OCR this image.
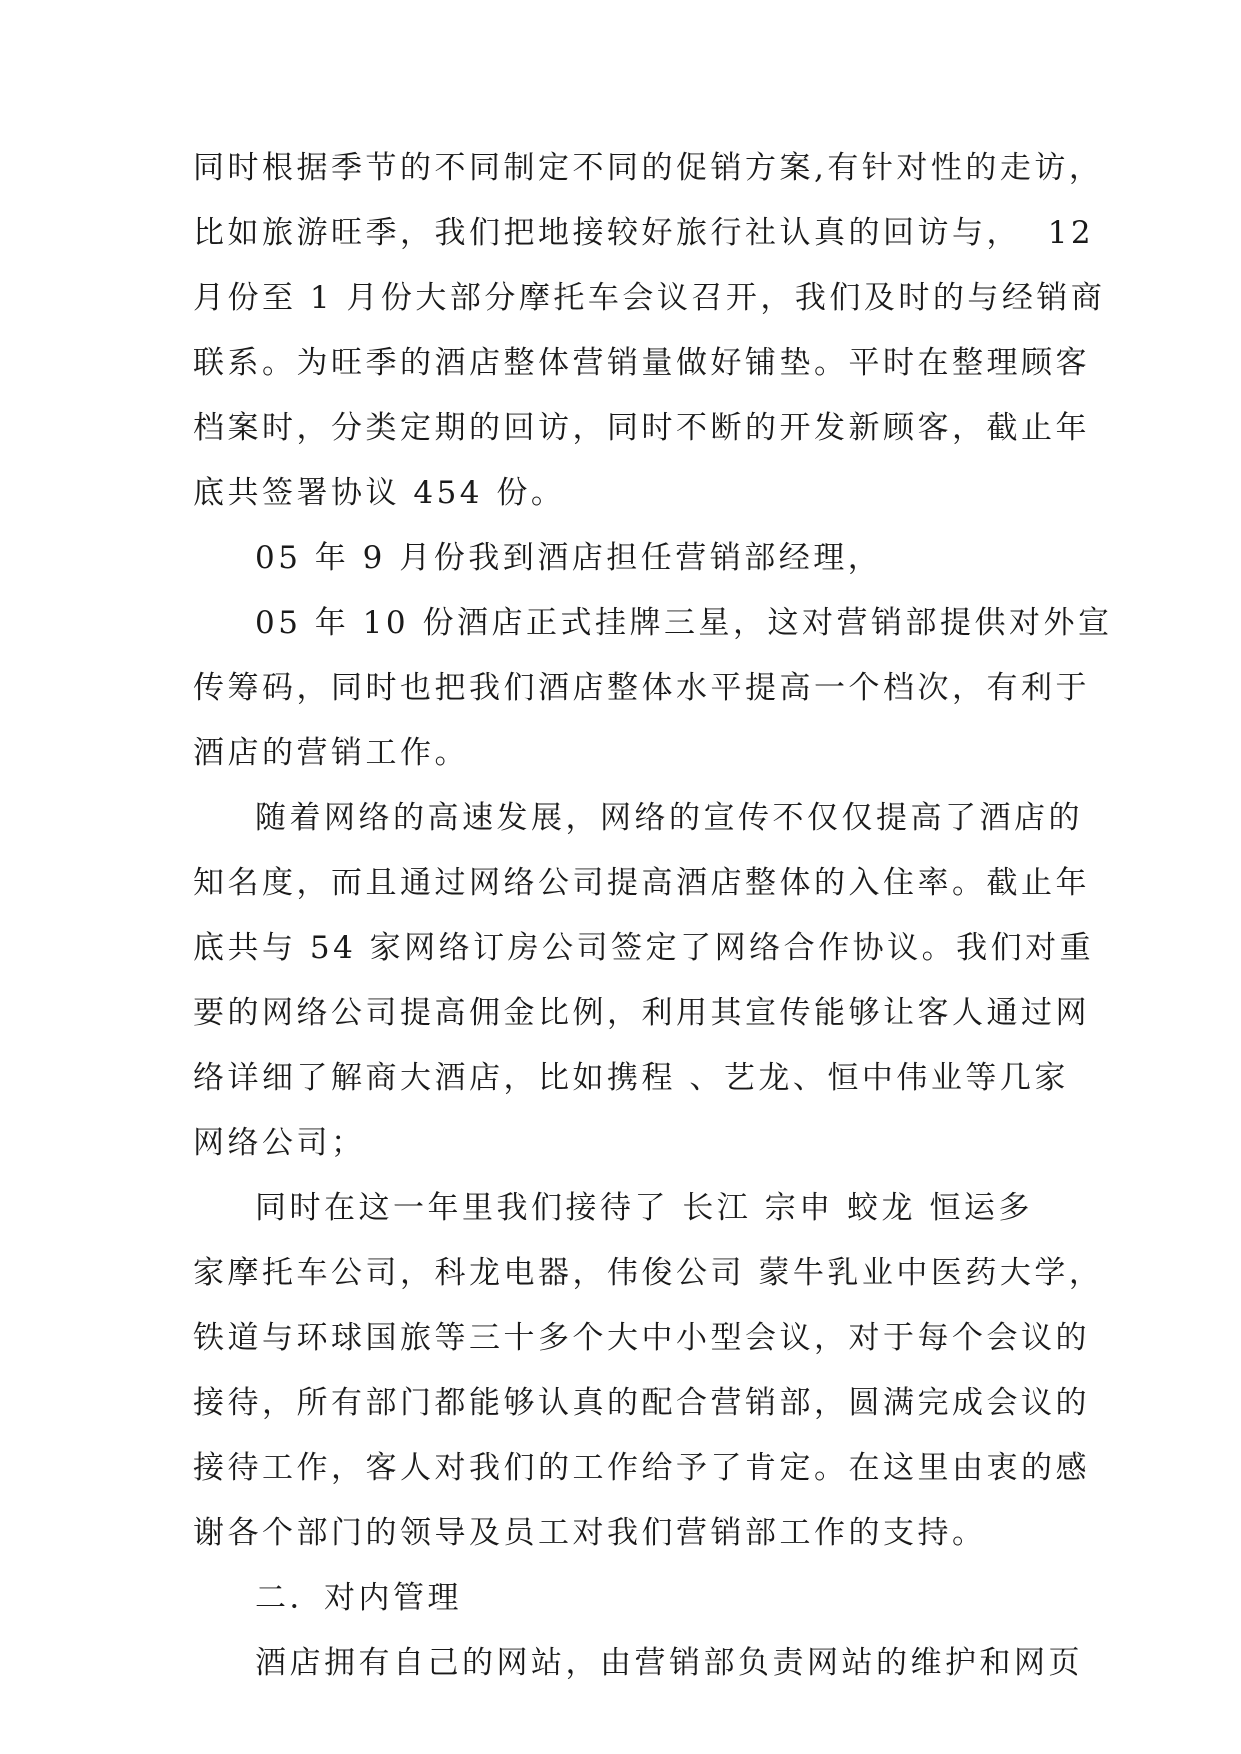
同时根据季节的不同制定不同的促销方案,有针对性的走访，
比如旅游旺季，我们把地接较好旅行社认真的回访与，  12
月份至 1 月份大部分摩托车会议召开，我们及时的与经销商
联系。为旺季的酒店整体营销量做好铺垫。平时在整理顾客
档案时，分类定期的回访，同时不断的开发新顾客，截止年
底共签署协议 454 份。
05 年 9 月份我到酒店担任营销部经理，
05 年 10 份酒店正式挂牌三星，这对营销部提供对外宣
传筹码，同时也把我们酒店整体水平提高一个档次，有利于
酒店的营销工作。
随着网络的高速发展，网络的宣传不仅仅提高了酒店的
知名度，而且通过网络公司提高酒店整体的入住率。截止年
底共与 54 家网络订房公司签定了网络合作协议。我们对重
要的网络公司提高佣金比例，利用其宣传能够让客人通过网
络详细了解商大酒店，比如携程 、艺龙、恒中伟业等几家
网络公司；
同时在这一年里我们接待了 长江 宗申 蛟龙 恒运多
家摩托车公司，科龙电器，伟俊公司 蒙牛乳业中医药大学，
铁道与环球国旅等三十多个大中小型会议，对于每个会议的
接待，所有部门都能够认真的配合营销部，圆满完成会议的
接待工作，客人对我们的工作给予了肯定。在这里由衷的感
谢各个部门的领导及员工对我们营销部工作的支持。
二．对内管理
酒店拥有自己的网站，由营销部负责网站的维护和网页
